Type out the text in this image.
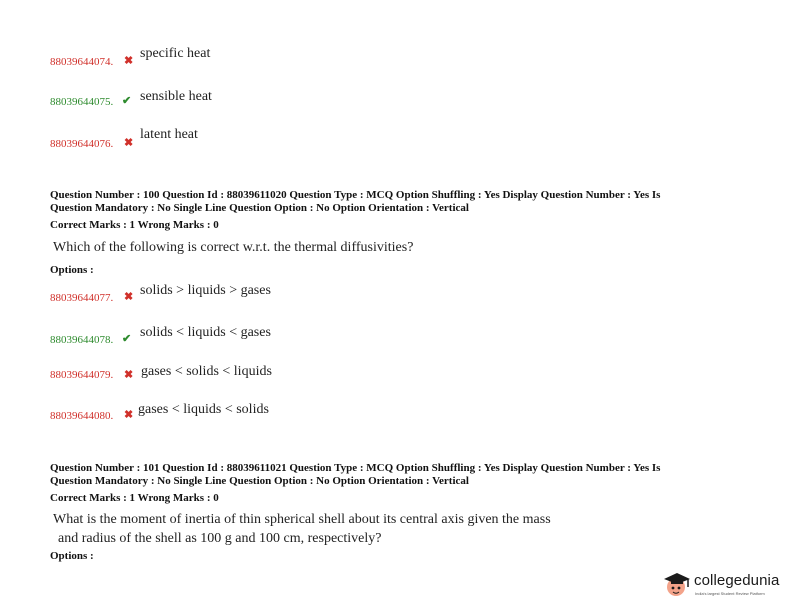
88039644074. ✖ specific heat
88039644075. ✔ sensible heat
88039644076. ✖
latent heat
Question Number : 100 Question Id : 88039611020 Question Type : MCQ Option Shuffling : Yes Display Question Number : Yes Is
Question Mandatory : No Single Line Question Option : No Option Orientation : Vertical
Correct Marks : 1 Wrong Marks : 0
Which of the following is correct w.r.t. the thermal diffusivities?
Options :
88039644077. ✖ solids > liquids > gases
88039644078. ✔ solids < liquids < gases
88039644079. ✖ gases < solids < liquids
88039644080. ✖ gases < liquids < solids
Question Number : 101 Question Id : 88039611021 Question Type : MCQ Option Shuffling : Yes Display Question Number : Yes Is
Question Mandatory : No Single Line Question Option : No Option Orientation : Vertical
Correct Marks : 1 Wrong Marks : 0
What is the moment of inertia of thin spherical shell about its central axis given the mass
and radius of the shell as 100 g and 100 cm, respectively?
Options :
collegedunia
India's largest Student Review Platform
